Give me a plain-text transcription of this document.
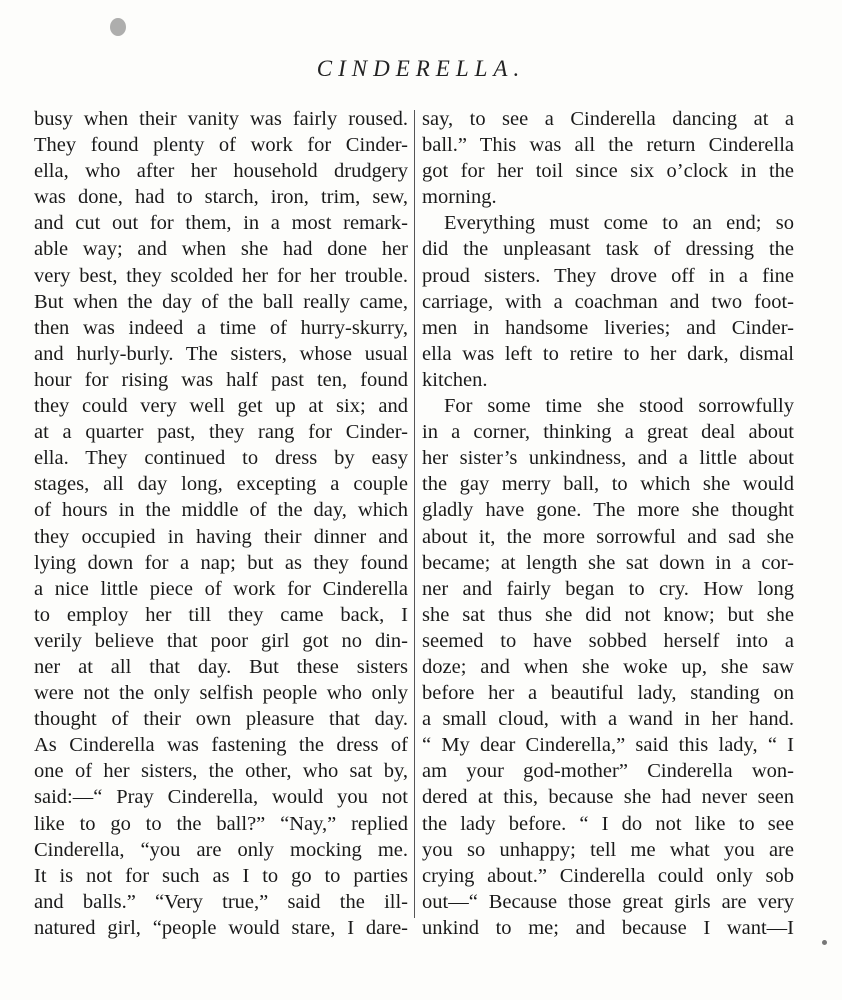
CINDERELLA.
busy when their vanity was fairly roused.
They found plenty of work for Cinder-
ella, who after her household drudgery
was done, had to starch, iron, trim, sew,
and cut out for them, in a most remark-
able way; and when she had done her
very best, they scolded her for her trouble.
But when the day of the ball really came,
then was indeed a time of hurry-skurry,
and hurly-burly. The sisters, whose usual
hour for rising was half past ten, found
they could very well get up at six; and
at a quarter past, they rang for Cinder-
ella. They continued to dress by easy
stages, all day long, excepting a couple
of hours in the middle of the day, which
they occupied in having their dinner and
lying down for a nap; but as they found
a nice little piece of work for Cinderella
to employ her till they came back, I
verily believe that poor girl got no din-
ner at all that day. But these sisters
were not the only selfish people who only
thought of their own pleasure that day.
As Cinderella was fastening the dress of
one of her sisters, the other, who sat by,
said:—“ Pray Cinderella, would you not
like to go to the ball?” “Nay,” replied
Cinderella, “you are only mocking me.
It is not for such as I to go to parties
and balls.” “Very true,” said the ill-
natured girl, “people would stare, I dare-
say, to see a Cinderella dancing at a
ball.” This was all the return Cinderella
got for her toil since six o’clock in the
morning.
Everything must come to an end; so
did the unpleasant task of dressing the
proud sisters. They drove off in a fine
carriage, with a coachman and two foot-
men in handsome liveries; and Cinder-
ella was left to retire to her dark, dismal
kitchen.
For some time she stood sorrowfully
in a corner, thinking a great deal about
her sister’s unkindness, and a little about
the gay merry ball, to which she would
gladly have gone. The more she thought
about it, the more sorrowful and sad she
became; at length she sat down in a cor-
ner and fairly began to cry. How long
she sat thus she did not know; but she
seemed to have sobbed herself into a
doze; and when she woke up, she saw
before her a beautiful lady, standing on
a small cloud, with a wand in her hand.
“ My dear Cinderella,” said this lady, “ I
am your god-mother” Cinderella won-
dered at this, because she had never seen
the lady before. “ I do not like to see
you so unhappy; tell me what you are
crying about.” Cinderella could only sob
out—“ Because those great girls are very
unkind to me; and because I want—I
